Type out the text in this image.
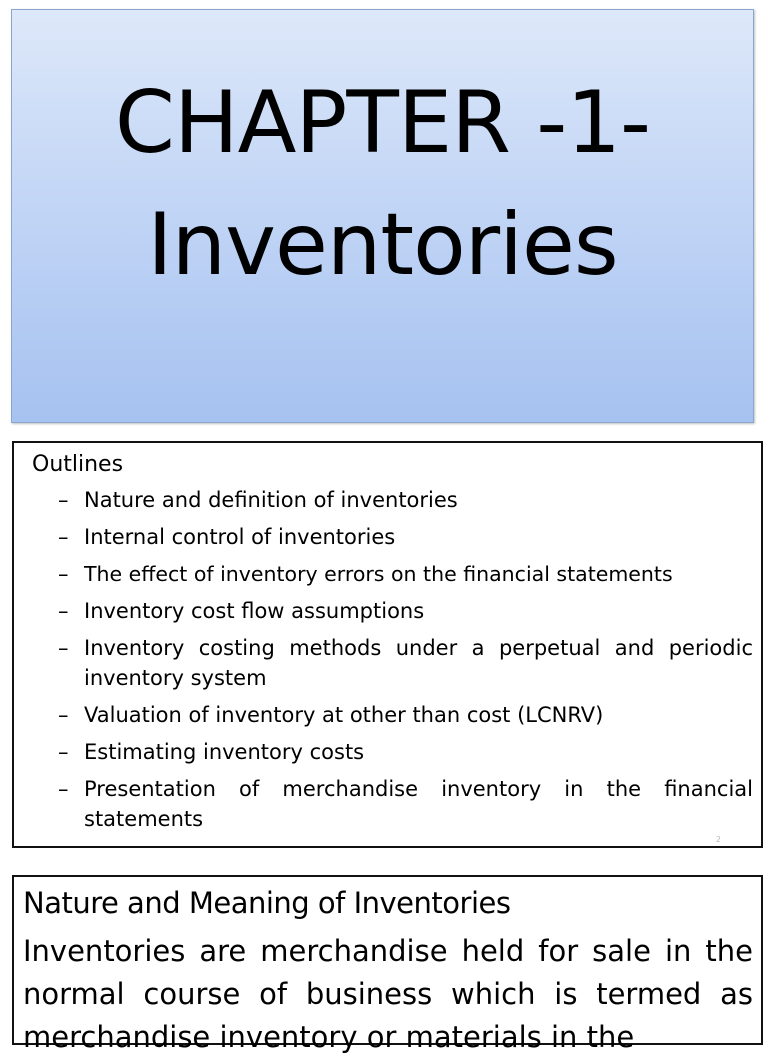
CHAPTER -1-
Inventories
Outlines
– Nature and definition of inventories
– Internal control of inventories
– The effect of inventory errors on the financial statements
– Inventory cost flow assumptions
– Inventory costing methods under a perpetual and periodic inventory system
– Valuation of inventory at other than cost (LCNRV)
– Estimating inventory costs
– Presentation of merchandise inventory in the financial statements
2
Nature and Meaning of Inventories

Inventories are merchandise held for sale in the normal course of business which is termed as merchandise inventory or materials in the
